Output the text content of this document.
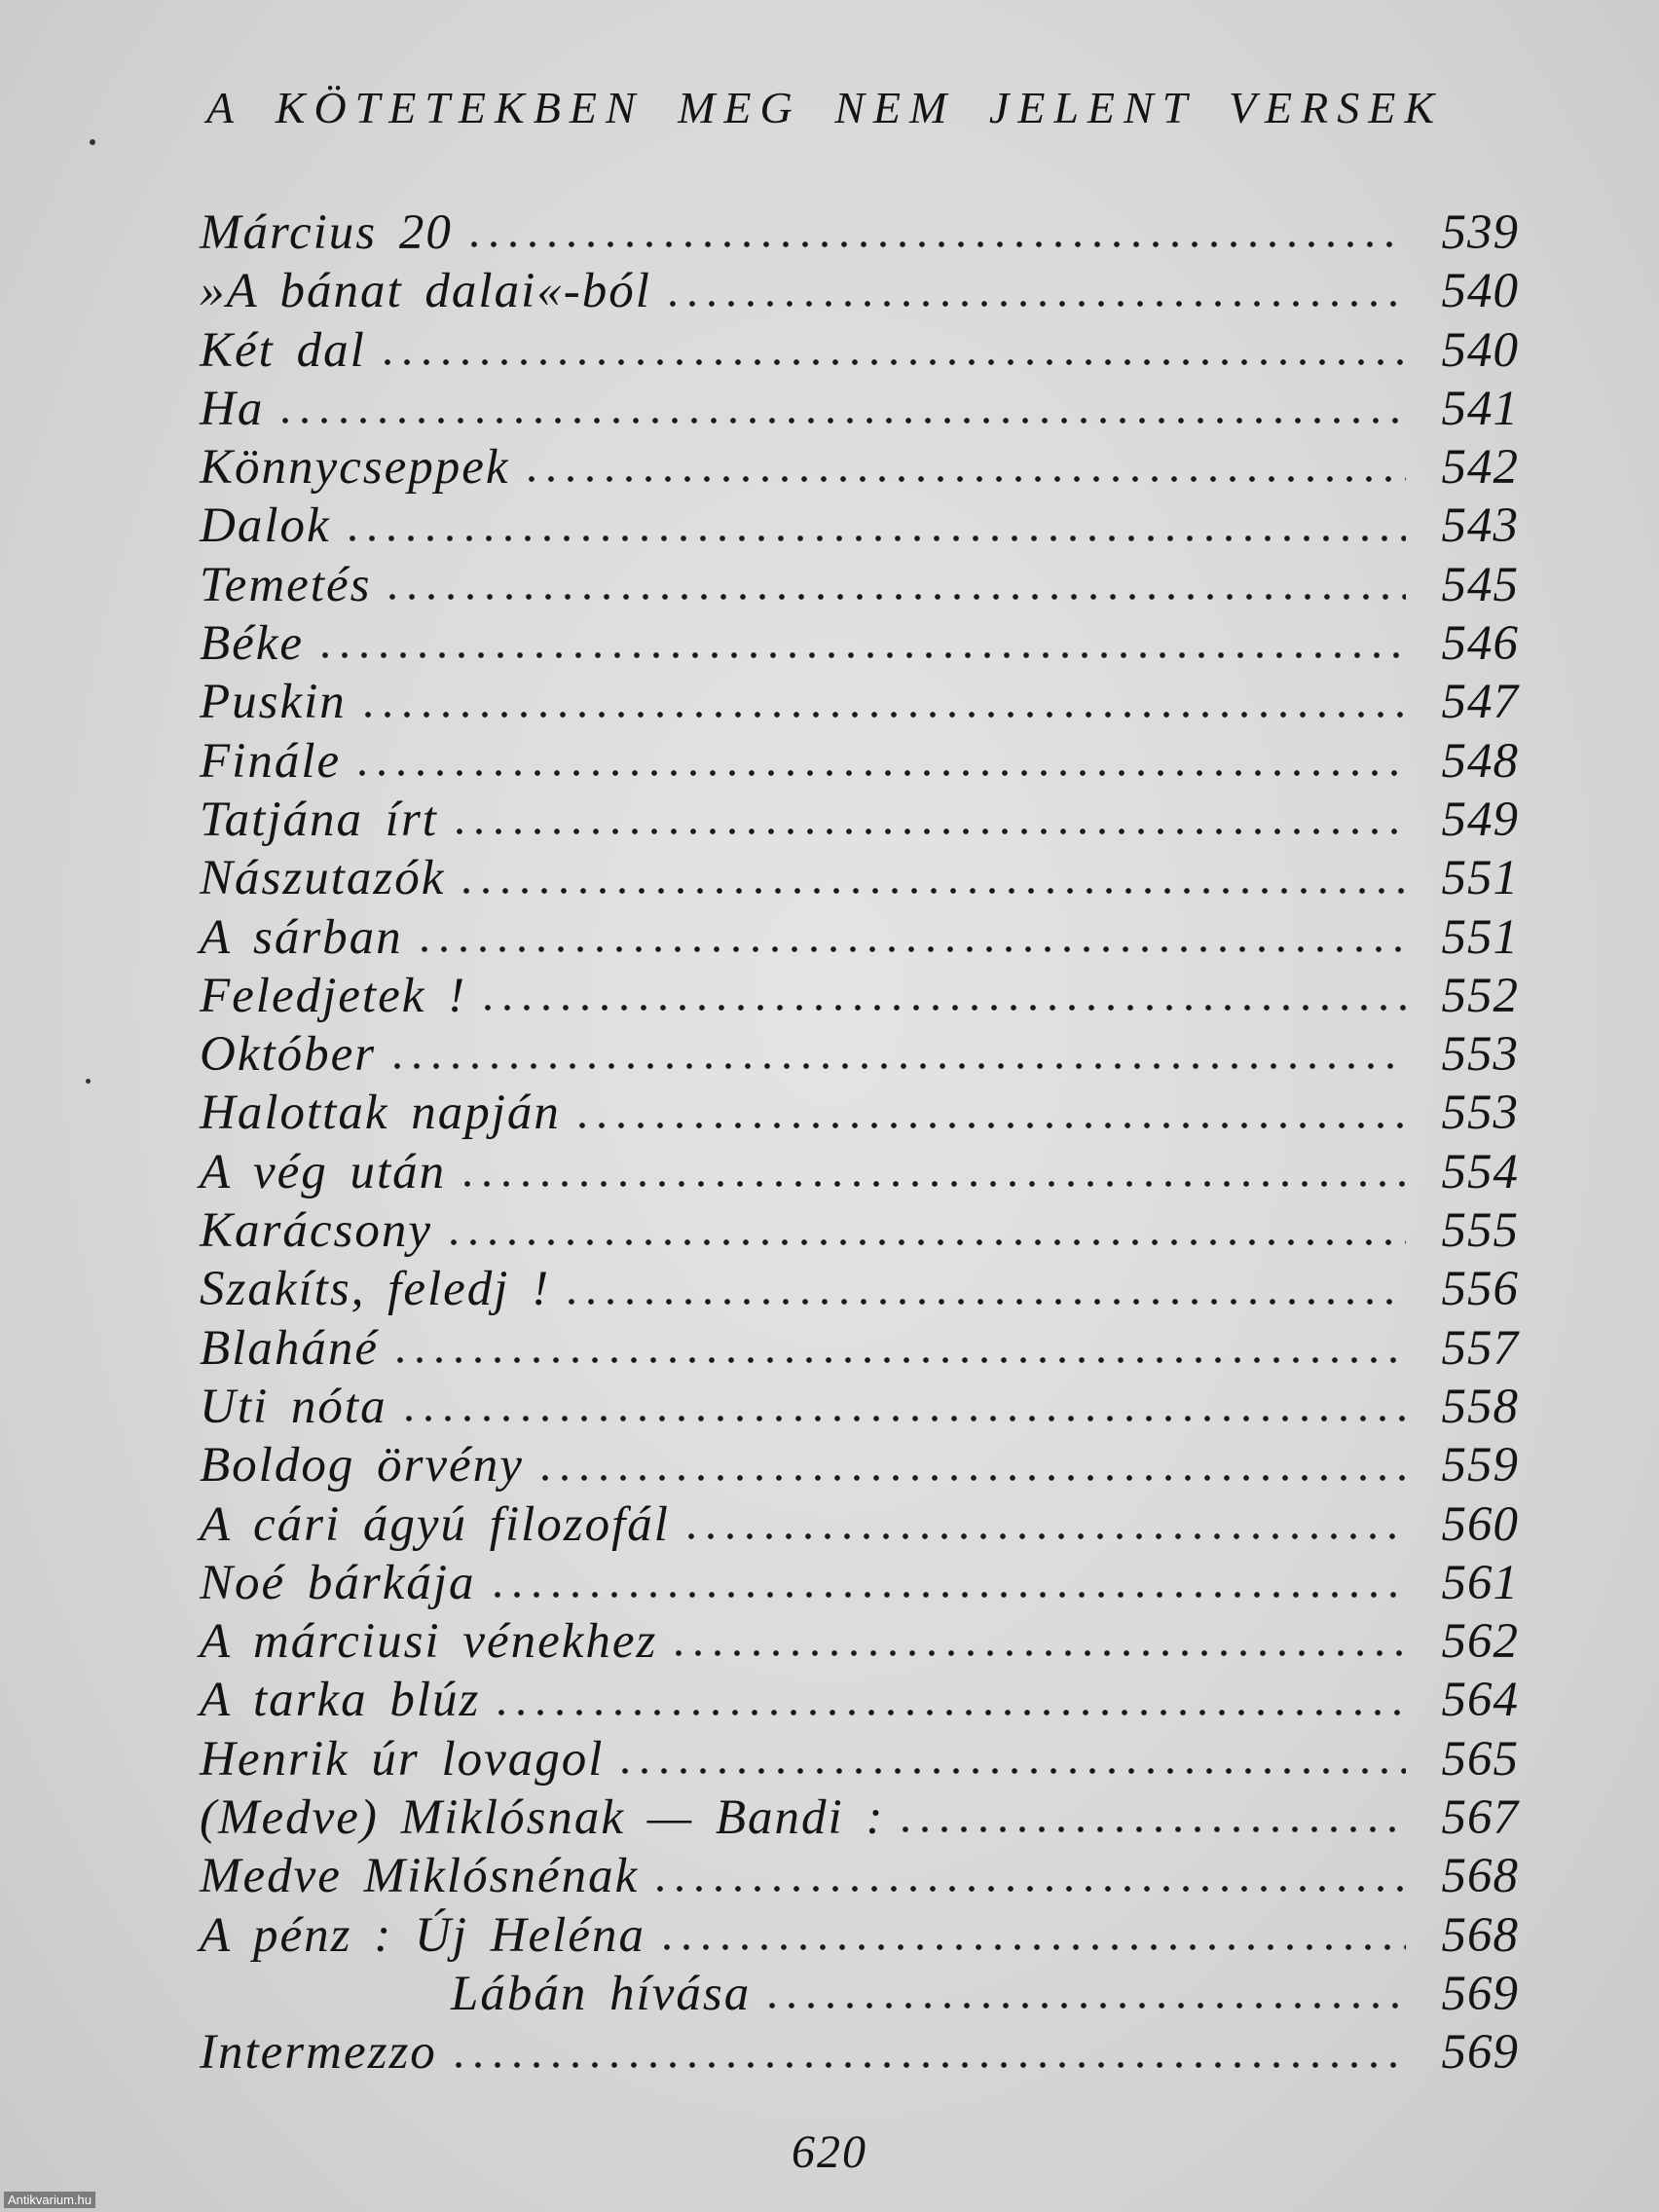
A KÖTETEKBEN MEG NEM JELENT VERSEK
Március 20	539
»A bánat dalai«-ból	540
Két dal	540
Ha	541
Könnycseppek	542
Dalok	543
Temetés	545
Béke	546
Puskin	547
Finále	548
Tatjána írt	549
Nászutazók	551
A sárban	551
Feledjetek !	552
Október	553
Halottak napján	553
A vég után	554
Karácsony	555
Szakíts, feledj !	556
Blaháné	557
Uti nóta	558
Boldog örvény	559
A cári ágyú filozofál	560
Noé bárkája	561
A márciusi vénekhez	562
A tarka blúz	564
Henrik úr lovagol	565
(Medve) Miklósnak — Bandi :	567
Medve Miklósnénak	568
A pénz : Új Heléna	568
Lábán hívása	569
Intermezzo	569
620
Antikvarium.hu
